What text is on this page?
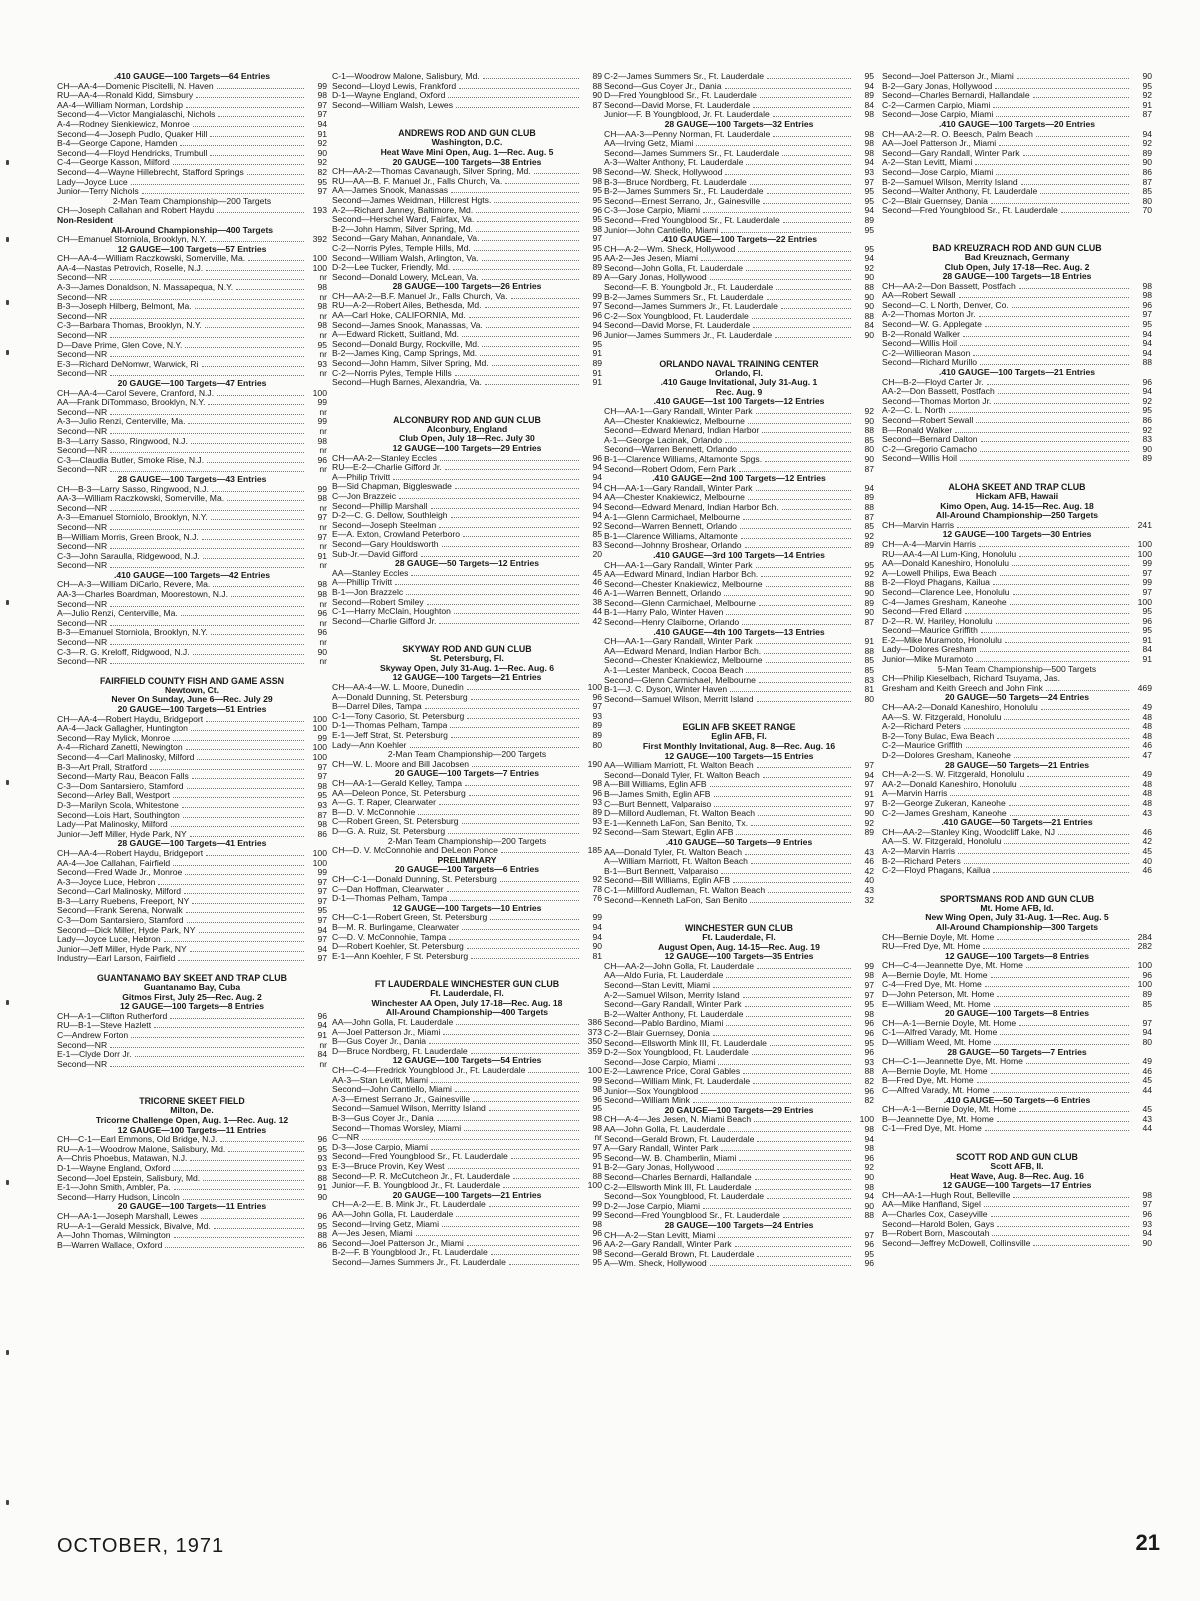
.410 GAUGE—100 Targets—64 Entries
CH—AA-4—Domenic Piscitelli, N. Haven	99
RU—AA-4—Ronald Kidd, Simsbury	98
AA-4—William Norman, Lordship	97
Second—4—Victor Mangialaschi, Nichols	97
A-4—Rodney Sienkiewicz, Monroe	94
Second—4—Joseph Pudlo, Quaker Hill	91
B-4—George Capone, Hamden	92
Second—4—Floyd Hendricks, Trumbull	90
C-4—George Kasson, Milford	92
Second—4—Wayne Hillebrecht, Stafford Springs	82
Lady—Joyce Luce	95
Junior—Terry Nichols	97
2-Man Team Championship—200 Targets
CH—Joseph Callahan and Robert Haydu	193
Non-Resident
All-Around Championship—400 Targets
CH—Emanuel Storniola, Brooklyn, N.Y.	392
12 GAUGE—100 Targets—57 Entries
CH—AA-4—William Raczkowski, Somerville, Ma.	100
AA-4—Nastas Petrovich, Roselle, N.J.	100
Second—NR	nr
A-3—James Donaldson, N. Massapequa, N.Y.	98
Second—NR	nr
B-3—Joseph Hilberg, Belmont, Ma.	98
Second—NR	nr
C-3—Barbara Thomas, Brooklyn, N.Y.	98
Second—NR	nr
D—Dave Prime, Glen Cove, N.Y.	95
Second—NR	nr
E-3—Richard DeNomwr, Warwick, Ri	93
Second—NR	nr
20 GAUGE—100 Targets—47 Entries
CH—AA-4—Carol Severe, Cranford, N.J.	100
AA—Frank DiTommaso, Brooklyn, N.Y.	99
Second—NR	nr
A-3—Julio Renzi, Centerville, Ma.	99
Second—NR	nr
B-3—Larry Sasso, Ringwood, N.J.	98
Second—NR	nr
C-3—Claudia Butler, Smoke Rise, N.J.	96
Second—NR	nr
28 GAUGE—100 Targets—43 Entries
CH—B-3—Larry Sasso, Ringwood, N.J.	99
AA-3—William Raczkowski, Somerville, Ma.	98
Second—NR	nr
A-3—Emanuel Storniolo, Brooklyn, N.Y.	97
Second—NR	nr
B—William Morris, Green Brook, N.J.	97
Second—NR	nr
C-3—John Saraulla, Ridgewood, N.J.	91
Second—NR	nr
.410 GAUGE—100 Targets—42 Entries
CH—A-3—William DiCarlo, Revere, Ma.	98
AA-3—Charles Boardman, Moorestown, N.J.	98
Second—NR	nr
A—Julio Renzi, Centerville, Ma.	96
Second—NR	nr
B-3—Emanuel Storniola, Brooklyn, N.Y.	96
Second—NR	nr
C-3—R. G. Kreloff, Ridgwood, N.J.	90
Second—NR	nr
FAIRFIELD COUNTY FISH AND GAME ASSN
Newtown, Ct.
Never On Sunday, June 6—Rec. July 29
20 GAUGE—100 Targets—51 Entries
CH—AA-4—Robert Haydu, Bridgeport	100
AA-4—Jack Gallagher, Huntington	100
Second—Ray Mylick, Monroe	99
A-4—Richard Zanetti, Newington	100
Second—4—Carl Malinosky, Milford	100
B-3—Art Prall, Stratford	97
Second—Marty Rau, Beacon Falls	97
C-3—Dom Santarsiero, Stamford	98
Second—Arley Ball, Westport	95
D-3—Marilyn Scola, Whitestone	93
Second—Lois Hart, Southington	87
Lady—Pat Malinosky, Milford	98
Junior—Jeff Miller, Hyde Park, NY	86
28 GAUGE—100 Targets—41 Entries
CH—AA-4—Robert Haydu, Bridgeport	100
AA-4—Joe Callahan, Fairfield	100
Second—Fred Wade Jr., Monroe	99
A-3—Joyce Luce, Hebron	97
Second—Carl Malinosky, Milford	97
B-3—Larry Ruebens, Freeport, NY	97
Second—Frank Serena, Norwalk	95
C-3—Dom Santarsiero, Stamford	97
Second—Dick Miller, Hyde Park, NY	94
Lady—Joyce Luce, Hebron	97
Junior—Jeff Miller, Hyde Park, NY	94
Industry—Earl Larson, Fairfield	97
GUANTANAMO BAY SKEET AND TRAP CLUB
Guantanamo Bay, Cuba
Gitmos First, July 25—Rec. Aug. 2
12 GAUGE—100 Targets—8 Entries
CH—A-1—Clifton Rutherford	96
RU—B-1—Steve Hazlett	94
C—Andrew Forton	91
Second—NR	nr
E-1—Clyde Dorr Jr.	84
Second—NR	nr
TRICORNE SKEET FIELD
Milton, De.
Tricorne Challenge Open, Aug. 1—Rec. Aug. 12
12 GAUGE—100 Targets—11 Entries
CH—C-1—Earl Emmons, Old Bridge, N.J.	96
RU—A-1—Woodrow Malone, Salisbury, Md.	95
A—Chris Phoebus, Matawan, N.J.	93
D-1—Wayne England, Oxford	93
Second—Joel Epstein, Salisbury, Md.	88
E-1—John Smith, Ambler, Pa.	91
Second—Harry Hudson, Lincoln	90
20 GAUGE—100 Targets—11 Entries
CH—AA-1—Joseph Marshall, Lewes	96
RU—A-1—Gerald Messick, Bivalve, Md.	95
A—John Thomas, Wilmington	88
B—Warren Wallace, Oxford	86
C-1—Woodrow Malone, Salisbury, Md.	89
Second—Lloyd Lewis, Frankford	88
D-1—Wayne England, Oxford	90
Second—William Walsh, Lewes	87
ANDREWS ROD AND GUN CLUB
Washington, D.C.
Heat Wave Mini Open, Aug. 1—Rec. Aug. 5
20 GAUGE—100 Targets—38 Entries
CH—AA-2—Thomas Cavanaugh, Silver Spring, Md.	98
RU—AA—B. F. Manuel Jr., Falls Church, Va.	98
AA—James Snook, Manassas	95
Second—James Weidman, Hillcrest Hgts.	95
A-2—Richard Janney, Baltimore, Md.	96
Second—Herschel Ward, Fairfax, Va.	95
B-2—John Hamm, Silver Spring, Md.	98
Second—Gary Mahan, Annandale, Va.	97
C-2—Norris Pyles, Temple Hills, Md.	95
Second—William Walsh, Arlington, Va.	95
D-2—Lee Tucker, Friendly, Md.	89
Second—Donald Lowery, McLean, Va.	89
28 GAUGE—100 Targets—26 Entries
CH—AA-2—B.F. Manuel Jr., Falls Church, Va.	99
RU—A-2—Robert Ailes, Bethesda, Md.	97
AA—Carl Hoke, CALIFORNIA, Md.	96
Second—James Snook, Manassas, Va.	94
A—Edward Rickett, Suitland, Md.	96
Second—Donald Burgy, Rockville, Md.	95
B-2—James King, Camp Springs, Md.	91
Second—John Hamm, Silver Spring, Md.	89
C-2—Norris Pyles, Temple Hills	91
Second—Hugh Barnes, Alexandria, Va.	91
ALCONBURY ROD AND GUN CLUB
Alconbury, England
Club Open, July 18—Rec. July 30
12 GAUGE—100 Targets—29 Entries
CH—AA-2—Stanley Eccles	96
RU—E-2—Charlie Gifford Jr.	94
A—Philip Trivitt	94
B—Sid Chapman, Biggleswade	94
C—Jon Brazzeic	94
Second—Phillip Marshall	94
D-2—C. G. Dellow, Southleigh	94
Second—Joseph Steelman	92
E—A. Exton, Crowland Peterboro	85
Second—Gary Houldsworth	83
Sub-Jr.—David Gifford	20
28 GAUGE—50 Targets—12 Entries
AA—Stanley Eccles	45
A—Phillip Trivitt	46
B-1—Jon Brazzelc	46
Second—Robert Smiley	38
C-1—Harry McClain, Houghton	44
Second—Charlie Gifford Jr.	42
SKYWAY ROD AND GUN CLUB
St. Petersburg, Fl.
Skyway Open, July 31-Aug. 1—Rec. Aug. 6
12 GAUGE—100 Targets—21 Entries
CH—AA-4—W. L. Moore, Dunedin	100
A—Donald Dunning, St. Petersburg	96
B—Darrel Diles, Tampa	97
C-1—Tony Casorio, St. Petersburg	93
D-1—Thomas Pelham, Tampa	89
E-1—Jeff Strat, St. Petersburg	89
Lady—Ann Koehler	80
2-Man Team Championship—200 Targets
CH—W. L. Moore and Bill Jacobsen	190
20 GAUGE—100 Targets—7 Entries
CH—AA-1—Gerald Kelley, Tampa	98
AA—Deleon Ponce, St. Petersburg	96
A—G. T. Raper, Clearwater	93
B—D. V. McConnohie	89
C—Robert Green, St. Petersburg	93
D—G. A. Ruiz, St. Petersburg	92
2-Man Team Championship—200 Targets
CH—D. V. McConnohie and DeLeon Ponce	185
PRELIMINARY
20 GAUGE—100 Targets—6 Entries
CH—C-1—Donald Dunning, St. Petersburg	92
C—Dan Hoffman, Clearwater	78
D-1—Thomas Pelham, Tampa	76
12 GAUGE—100 Targets—10 Entries
CH—C-1—Robert Green, St. Petersburg	99
B—M. R. Burlingame, Clearwater	94
C—D. V. McConnohie, Tampa	94
D—Robert Koehler, St. Petersburg	90
E-1—Ann Koehler, F St. Petersburg	81
FT LAUDERDALE WINCHESTER GUN CLUB
Ft. Lauderdale, Fl.
Winchester AA Open, July 17-18—Rec. Aug. 18
All-Around Championship—400 Targets
AA—John Golla, Ft. Lauderdale	386
A—Joel Patterson Jr., Miami	373
B—Gus Coyer Jr., Dania	350
D—Bruce Nordberg, Ft. Lauderdale	359
12 GAUGE—100 Targets—54 Entries
CH—C-4—Fredrick Youngblood Jr., Ft. Lauderdale	100
AA-3—Stan Levitt, Miami	99
Second—John Cantiello, Miami	98
A-3—Ernest Serrano Jr., Gainesville	96
Second—Samuel Wilson, Merritty Island	95
B-3—Gus Coyer Jr., Dania	98
Second—Thomas Worsley, Miami	98
C—NR	nr
D-3—Jose Carpio, Miami	97
Second—Fred Youngblood Sr., Ft. Lauderdale	95
E-3—Bruce Provin, Key West	91
Second—P. R. McCutcheon Jr., Ft. Lauderdale	88
Junior—F. B. Youngblood Jr., Ft. Lauderdale	100
20 GAUGE—100 Targets—21 Entries
CH—A-2—E. B. Mink Jr., Ft. Lauderdale	99
AA—John Golla, Ft. Lauderdale	99
Second—Irving Getz, Miami	98
A—Jes Jesen, Miami	96
Second—Joel Patterson Jr., Miami	96
B-2—F. B Youngblood Jr., Ft. Lauderdale	98
Second—James Summers Jr., Ft. Lauderdale	95
C-2—James Summers Sr., Ft. Lauderdale	95
Second—Gus Coyer Jr., Dania	94
D—Fred Youngblood Sr., Ft. Lauderdale	89
Second—David Morse, Ft. Lauderdale	84
Junior—F. B Youngblood, Jr. Ft. Lauderdale	98
28 GAUGE—100 Targets—32 Entries
CH—AA-3—Penny Norman, Ft. Lauderdale	98
AA—Irving Getz, Miami	98
Second—James Summers Sr., Ft. Lauderdale	98
A-3—Walter Anthony, Ft. Lauderdale	94
Second—W. Sheck, Hollywood	93
B-3—Bruce Nordberg, Ft. Lauderdale	97
B-2—James Summers Sr., Ft. Lauderdale	95
Second—Ernest Serrano, Jr., Gainesville	95
C-3—Jose Carpio, Miami	94
Second—Fred Youngblood Sr., Ft. Lauderdale	89
Junior—John Cantiello, Miami	95
.410 GAUGE—100 Targets—22 Entries
CH—A-2—Wm. Sheck, Hollywood	95
AA-2—Jes Jesen, Miami	94
Second—John Golla, Ft. Lauderdale	92
A—Gary Jonas, Hollywood	90
Second—F. B. Youngbold Jr., Ft. Lauderdale	88
B-2—James Summers Sr., Ft. Lauderdale	90
Second—James Summers Jr., Ft. Lauderdale	90
C-2—Sox Youngblood, Ft. Lauderdale	88
Second—David Morse, Ft. Lauderdale	84
Junior—James Summers Jr., Ft. Lauderdale	90
ORLANDO NAVAL TRAINING CENTER
Orlando, Fl.
.410 Gauge Invitational, July 31-Aug. 1
Rec. Aug. 9
.410 GAUGE—1st 100 Targets—12 Entries
CH—AA-1—Gary Randall, Winter Park	92
AA—Chester Knakiewicz, Melbourne	90
Second—Edward Menard, Indian Harbor	88
A-1—George Lacinak, Orlando	85
Second—Warren Bennett, Orlando	80
B-1—Clarence Williams, Altamonte Spgs.	90
Second—Robert Odom, Fern Park	87
.410 GAUGE—2nd 100 Targets—12 Entries
CH—AA-1—Gary Randall, Winter Park	94
AA—Chester Knakiewicz, Melbourne	89
Second—Edward Menard, Indian Harbor Bch.	88
A-1—Glenn Carmichael, Melbourne	87
Second—Warren Bennett, Orlando	85
B-1—Clarence Williams, Altamonte	92
Second—Johnny Broshear, Orlando	89
.410 GAUGE—3rd 100 Targets—14 Entries
CH—AA-1—Gary Randall, Winter Park	95
AA—Edward Minard, Indian Harbor Bch.	92
Second—Chester Knakiewicz, Melbourne	88
A-1—Warren Bennett, Orlando	90
Second—Glenn Carmichael, Melbourne	89
B-1—Harry Palo, Winter Haven	90
Second—Henry Claiborne, Orlando	87
.410 GAUGE—4th 100 Targets—13 Entries
CH—AA-1—Gary Randall, Winter Park	91
AA—Edward Menard, Indian Harbor Bch.	88
Second—Chester Knakiewicz, Melbourne	85
A-1—Lester Manbeck, Cocoa Beach	85
Second—Glenn Carmichael, Melbourne	83
B-1—J. C. Dyson, Winter Haven	81
Second—Samuel Wilson, Merritt Island	80
EGLIN AFB SKEET RANGE
Eglin AFB, Fl.
First Monthly Invitational, Aug. 8—Rec. Aug. 16
12 GAUGE—100 Targets—15 Entries
AA—William Marriott, Ft. Walton Beach	97
Second—Donald Tyler, Ft. Walton Beach	94
A—Bill Williams, Eglin AFB	97
B—James Smith, Eglin AFB	91
C—Burt Bennett, Valparaiso	97
D—Millord Audleman, Ft. Walton Beach	90
E-1—Kenneth LaFon, San Benito, Tx.	92
Second—Sam Stewart, Eglin AFB	89
.410 GAUGE—50 Targets—9 Entries
AA—Donald Tyler, Ft. Walton Beach	43
A—William Marriott, Ft. Walton Beach	46
B-1—Burt Bennett, Valparaiso	42
Second—Bill Williams, Eglin AFB	40
C-1—Millford Audleman, Ft. Walton Beach	43
Second—Kenneth LaFon, San Benito	32
WINCHESTER GUN CLUB
Ft. Lauderdale, Fl.
August Open, Aug. 14-15—Rec. Aug. 19
12 GAUGE—100 Targets—35 Entries
CH—AA-2—John Golla, Ft. Lauderdale	99
AA—Aldo Furia, Ft. Lauderdale	98
Second—Stan Levitt, Miami	97
A-2—Samuel Wilson, Merrity Island	97
Second—Gary Randall, Winter Park	95
B-2—Walter Anthony, Ft. Lauderdale	98
Second—Pablo Bardino, Miami	96
C-2—Blair Guernsey, Donia	96
Second—Ellsworth Mink III, Ft. Lauderdale	95
D-2—Sox Youngblood, Ft. Lauderdale	96
Second—Jose Carpio, Miami	93
E-2—Lawrence Price, Coral Gables	88
Second—William Mink, Ft. Lauderdale	82
Junior—Sox Youngblood	96
Second—William Mink	82
20 GAUGE—100 Targets—29 Entries
CH—A-4—Jes Jesen, N. Miami Beach	100
AA—John Golla, Ft. Lauderdale	98
Second—Gerald Brown, Ft. Lauderdale	94
A—Gary Randall, Winter Park	98
Second—W. B. Chamberlin, Miami	96
B-2—Gary Jonas, Hollywood	92
Second—Charles Bernardi, Hallandale	90
C-2—Ellsworth Mink III, Ft. Lauderdale	98
Second—Sox Youngblood, Ft. Lauderdale	94
D-2—Jose Carpio, Miami	90
Second—Fred Youngblood Sr., Ft. Lauderdale	88
28 GAUGE—100 Targets—24 Entries
CH—A-2—Stan Levitt, Miami	97
AA-2—Gary Randall, Winter Park	96
Second—Gerald Brown, Ft. Lauderdale	95
A—Wm. Sheck, Hollywood	96
Second—Joel Patterson Jr., Miami	90
B-2—Gary Jonas, Hollywood	95
Second—Charles Bernardi, Hallandale	92
C-2—Carmen Carpio, Miami	91
Second—Jose Carpio, Miami	87
.410 GAUGE—100 Targets—20 Entries
CH—AA-2—R. O. Beesch, Palm Beach	94
AA—Joel Patterson Jr., Miami	92
Second—Gary Randall, Winter Park	89
A-2—Stan Levitt, Miami	90
Second—Jose Carpio, Miami	86
B-2—Samuel Wilson, Merrity Island	87
Second—Walter Anthony, Ft. Lauderdale	85
C-2—Blair Guernsey, Dania	80
Second—Fred Youngblood Sr., Ft. Lauderdale	70
BAD KREUZRACH ROD AND GUN CLUB
Bad Kreuznach, Germany
Club Open, July 17-18—Rec. Aug. 2
28 GAUGE—100 Targets—18 Entries
CH—AA-2—Don Bassett, Postfach	98
AA—Robert Sewall	98
Second—C. L North, Denver, Co.	96
A-2—Thomas Morton Jr.	97
Second—W. G. Applegate	95
B-2—Ronald Walker	94
Second—Willis Hoil	94
C-2—Willieoran Mason	94
Second—Richard Murillo	88
.410 GAUGE—100 Targets—21 Entries
CH—B-2—Floyd Carter Jr.	96
AA-2—Don Bassett, Postfach	94
Second—Thomas Morton Jr.	92
A-2—C. L. North	95
Second—Robert Sewall	86
B—Ronald Walker	92
Second—Bernard Dalton	83
C-2—Gregorio Camacho	90
Second—Willis Hoil	89
ALOHA SKEET AND TRAP CLUB
Hickam AFB, Hawaii
Kimo Open, Aug. 14-15—Rec. Aug. 18
All-Around Championship—250 Targets
CH—Marvin Harris	241
12 GAUGE—100 Targets—30 Entries
CH—A-4—Marvin Harris	100
RU—AA-4—Al Lum-King, Honolulu	100
AA—Donald Kaneshiro, Honolulu	99
A—Lowell Philips, Ewa Beach	97
B-2—Floyd Phagans, Kailua	99
Second—Clarence Lee, Honolulu	97
C-4—James Gresham, Kaneohe	100
Second—Fred Ellard	95
D-2—R. W. Hariley, Honolulu	96
Second—Maurice Griffith	95
E-2—Mike Muramoto, Honolulu	91
Lady—Dolores Gresham	84
Junior—Mike Muramoto	91
5-Man Team Championship—500 Targets
CH—Philip Kieselbach, Richard Tsuyama, Jas.
Gresham and Keith Greech and John Fink	469
20 GAUGE—50 Targets—24 Entries
CH—AA-2—Donald Kaneshiro, Honolulu	49
AA—S. W. Fitzgerald, Honolulu	48
A-2—Richard Peters	48
B-2—Tony Bulac, Ewa Beach	48
C-2—Maurice Griffith	46
D-2—Dolores Gresham, Kaneohe	47
28 GAUGE—50 Targets—21 Entries
CH—A-2—S. W. Fitzgerald, Honolulu	49
AA-2—Donald Kaneshiro, Honolulu	48
A—Marvin Harris	48
B-2—George Zukeran, Kaneohe	48
C-2—James Gresham, Kaneohe	43
.410 GAUGE—50 Targets—21 Entries
CH—AA-2—Stanley King, Woodcliff Lake, NJ	46
AA—S. W. Fitzgerald, Honolulu	42
A-2—Marvin Harris	45
B-2—Richard Peters	40
C-2—Floyd Phagans, Kailua	46
SPORTSMANS ROD AND GUN CLUB
Mt. Home AFB, Id.
New Wing Open, July 31-Aug. 1—Rec. Aug. 5
All-Around Championship—300 Targets
CH—Bernie Doyle, Mt. Home	284
RU—Fred Dye, Mt. Home	282
12 GAUGE—100 Targets—8 Entries
CH—C-4—Jeannette Dye, Mt. Home	100
A—Bernie Doyle, Mt. Home	96
C-4—Fred Dye, Mt. Home	100
D—John Peterson, Mt. Home	89
E—William Weed, Mt. Home	85
20 GAUGE—100 Targets—8 Entries
CH—A-1—Bernie Doyle, Mt. Home	97
C-1—Alfred Varady, Mt. Home	94
D—William Weed, Mt. Home	80
28 GAUGE—50 Targets—7 Entries
CH—C-1—Jeannette Dye, Mt. Home	49
A—Bernie Doyle, Mt. Home	46
B—Fred Dye, Mt. Home	45
C—Alfred Varady, Mt. Home	44
.410 GAUGE—50 Targets—6 Entries
CH—A-1—Bernie Doyle, Mt. Home	45
B—Jeannette Dye, Mt. Home	43
C-1—Fred Dye, Mt. Home	44
SCOTT ROD AND GUN CLUB
Scott AFB, Il.
Heat Wave, Aug. 8—Rec. Aug. 16
12 GAUGE—100 Targets—17 Entries
CH—AA-1—Hugh Rout, Belleville	98
AA—Mike Hanfland, Sigel	97
A—Charles Cox, Caseyville	96
Second—Harold Bolen, Gays	93
B—Robert Born, Mascoutah	94
Second—Jeffrey McDowell, Collinsville	90
OCTOBER, 1971	21
